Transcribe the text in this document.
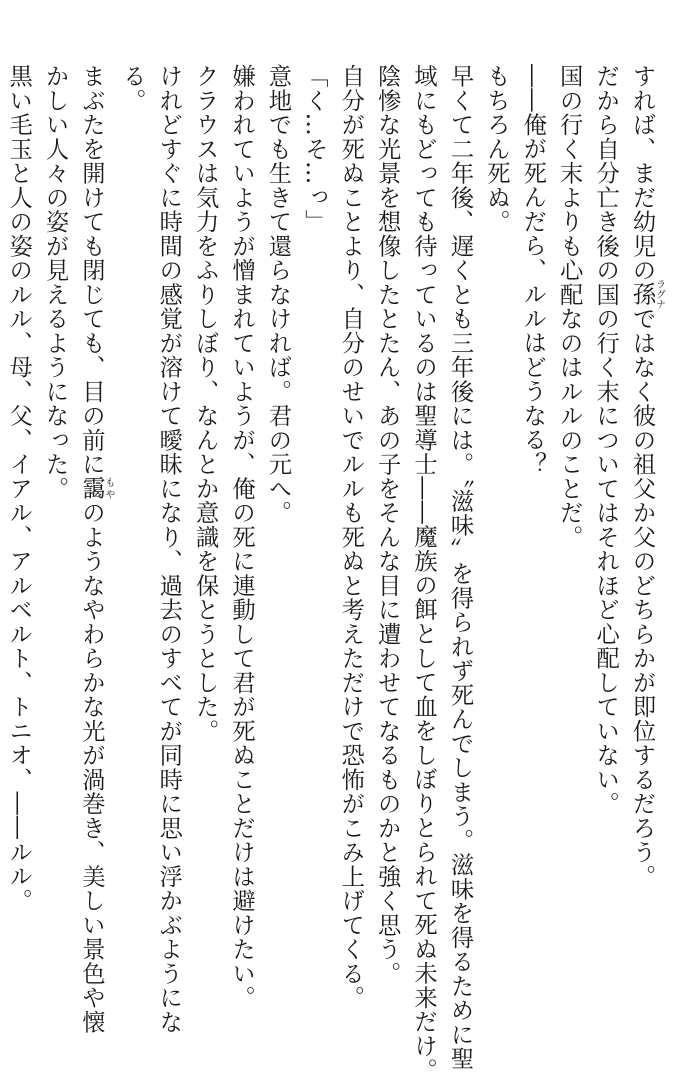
すれば、まだ幼児の孫ラグナではなく彼の祖父か父のどちらかが即位するだろう。
だから自分亡き後の国の行く末についてはそれほど心配していない。
国の行く末よりも心配なのはルルのことだ。
――俺が死んだら、ルルはどうなる？
もちろん死ぬ。
早くて二年後、遅くとも三年後には。〝滋味〟を得られず死んでしまう。滋味を得るために聖
域にもどっても待っているのは聖導士――魔族の餌として血をしぼりとられて死ぬ未来だけ。
陰惨な光景を想像したとたん、あの子をそんな目に遭わせてなるものかと強く思う。
自分が死ぬことより、自分のせいでルルも死ぬと考えただけで恐怖がこみ上げてくる。
「く…そ…っ」
意地でも生きて還らなければ。君の元へ。
嫌われていようが憎まれていようが、俺の死に連動して君が死ぬことだけは避けたい。
クラウスは気力をふりしぼり、なんとか意識を保とうとした。
けれどすぐに時間の感覚が溶けて曖昧になり、過去のすべてが同時に思い浮かぶようにな
る。
まぶたを開けても閉じても、目の前に靄もやのようなやわらかな光が渦巻き、美しい景色や懐
かしい人々の姿が見えるようになった。
黒い毛玉と人の姿のルル、母、父、イアル、アルベルト、トニオ、――ルル。
